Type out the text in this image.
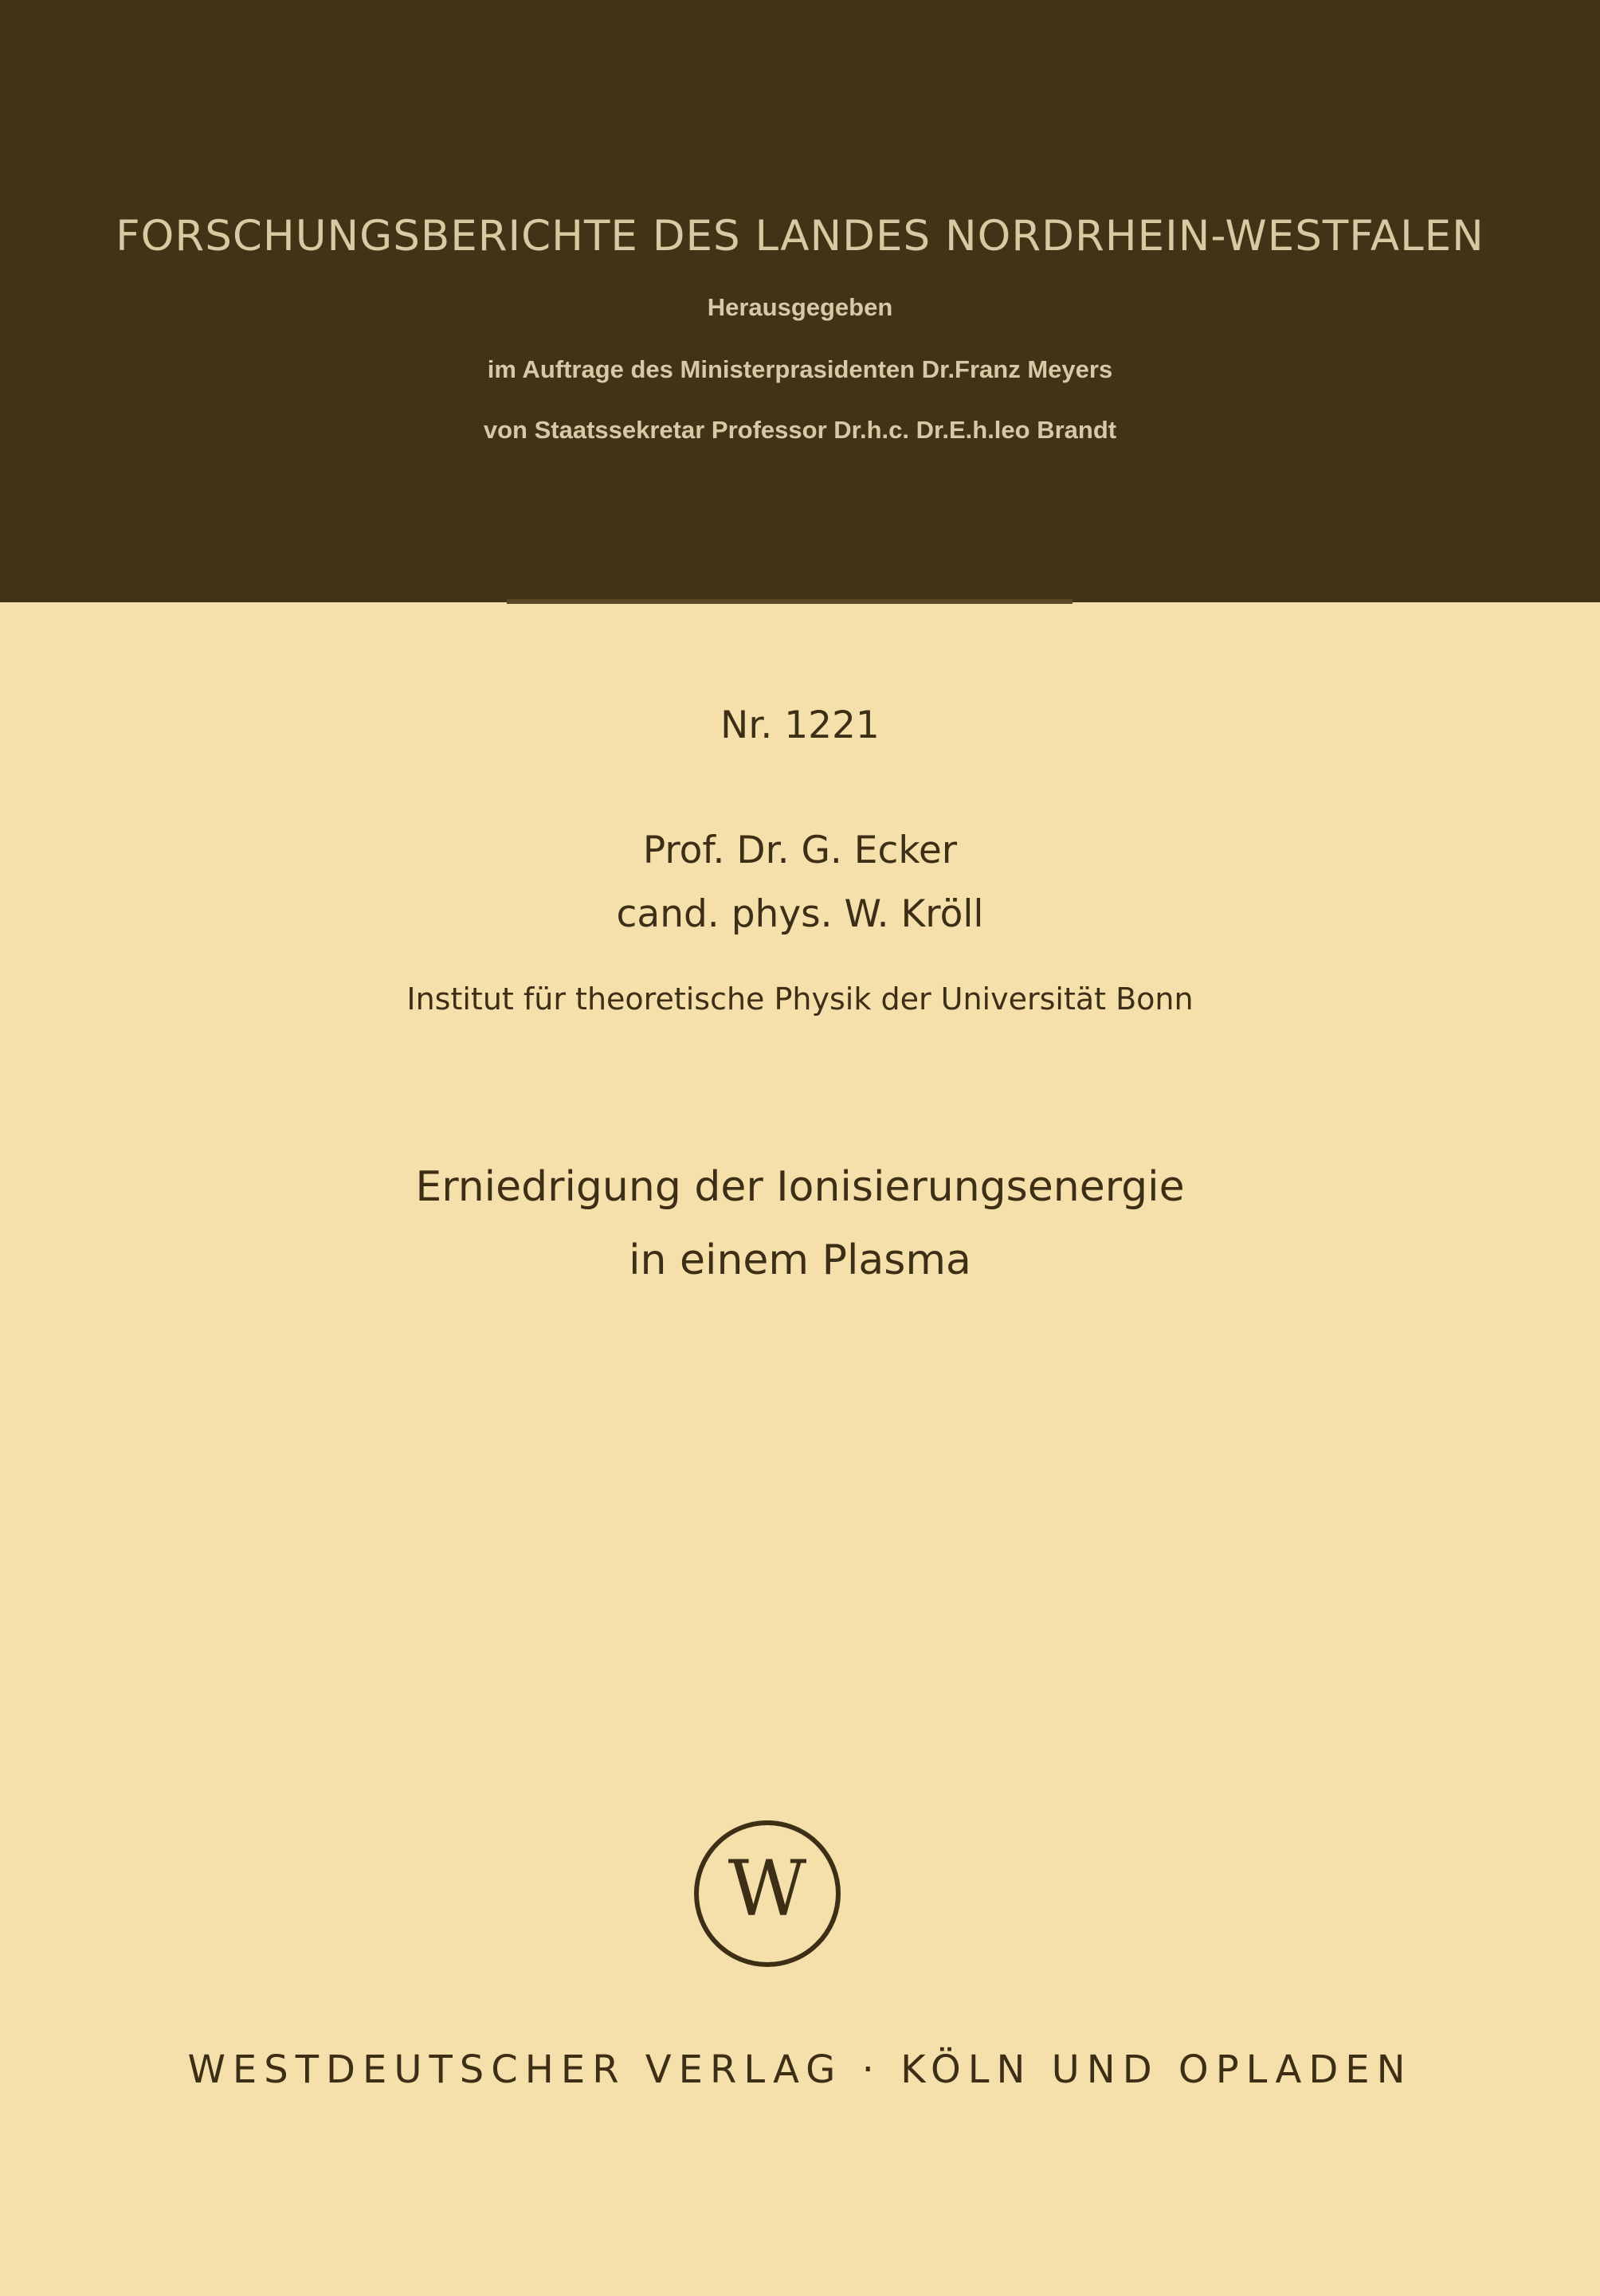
FORSCHUNGSBERICHTE DES LANDES NORDRHEIN-WESTFALEN
Herausgegeben
im Auftrage des Ministerprasidenten Dr.Franz Meyers
von Staatssekretar Professor Dr.h.c. Dr.E.h.leo Brandt
Nr. 1221
Prof. Dr. G. Ecker
cand. phys. W. Kröll
Institut für theoretische Physik der Universität Bonn
Erniedrigung der Ionisierungsenergie
in einem Plasma
W
WESTDEUTSCHER VERLAG · KÖLN UND OPLADEN
